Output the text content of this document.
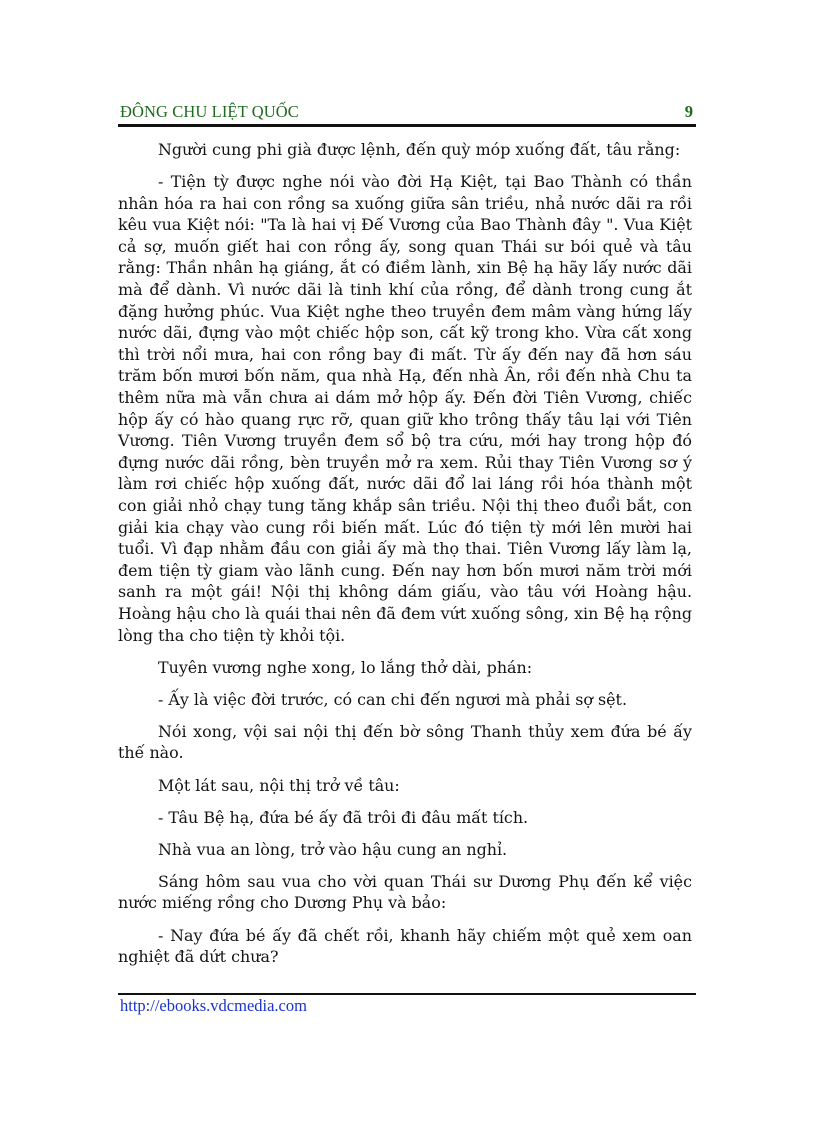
ĐÔNG CHU LIỆT QUỐC	9

Người cung phi già được lệnh, đến quỳ móp xuống đất, tâu rằng:

- Tiện tỳ được nghe nói vào đời Hạ Kiệt, tại Bao Thành có thần nhân hóa ra hai con rồng sa xuống giữa sân triều, nhả nước dãi ra rồi kêu vua Kiệt nói: "Ta là hai vị Đế Vương của Bao Thành đây ". Vua Kiệt cả sợ, muốn giết hai con rồng ấy, song quan Thái sư bói quẻ và tâu rằng: Thần nhân hạ giáng, ắt có điềm lành, xin Bệ hạ hãy lấy nước dãi mà để dành. Vì nước dãi là tinh khí của rồng, để dành trong cung ắt đặng hưởng phúc. Vua Kiệt nghe theo truyền đem mâm vàng hứng lấy nước dãi, đựng vào một chiếc hộp son, cất kỹ trong kho. Vừa cất xong thì trời nổi mưa, hai con rồng bay đi mất. Từ ấy đến nay đã hơn sáu trăm bốn mươi bốn năm, qua nhà Hạ, đến nhà Ân, rồi đến nhà Chu ta thêm nữa mà vẫn chưa ai dám mở hộp ấy. Đến đời Tiên Vương, chiếc hộp ấy có hào quang rực rỡ, quan giữ kho trông thấy tâu lại với Tiên Vương. Tiên Vương truyền đem sổ bộ tra cứu, mới hay trong hộp đó đựng nước dãi rồng, bèn truyền mở ra xem. Rủi thay Tiên Vương sơ ý làm rơi chiếc hộp xuống đất, nước dãi đổ lai láng rồi hóa thành một con giải nhỏ chạy tung tăng khắp sân triều. Nội thị theo đuổi bắt, con giải kia chạy vào cung rồi biến mất. Lúc đó tiện tỳ mới lên mười hai tuổi. Vì đạp nhằm đầu con giải ấy mà thọ thai. Tiên Vương lấy làm lạ, đem tiện tỳ giam vào lãnh cung. Đến nay hơn bốn mươi năm trời mới sanh ra một gái! Nội thị không dám giấu, vào tâu với Hoàng hậu. Hoàng hậu cho là quái thai nên đã đem vứt xuống sông, xin Bệ hạ rộng lòng tha cho tiện tỳ khỏi tội.

Tuyên vương nghe xong, lo lắng thở dài, phán:

- Ấy là việc đời trước, có can chi đến ngươi mà phải sợ sệt.

Nói xong, vội sai nội thị đến bờ sông Thanh thủy xem đứa bé ấy thế nào.

Một lát sau, nội thị trở về tâu:

- Tâu Bệ hạ, đứa bé ấy đã trôi đi đâu mất tích.

Nhà vua an lòng, trở vào hậu cung an nghỉ.

Sáng hôm sau vua cho vời quan Thái sư Dương Phụ đến kể việc nước miếng rồng cho Dương Phụ và bảo:

- Nay đứa bé ấy đã chết rồi, khanh hãy chiếm một quẻ xem oan nghiệt đã dứt chưa?

http://ebooks.vdcmedia.com
